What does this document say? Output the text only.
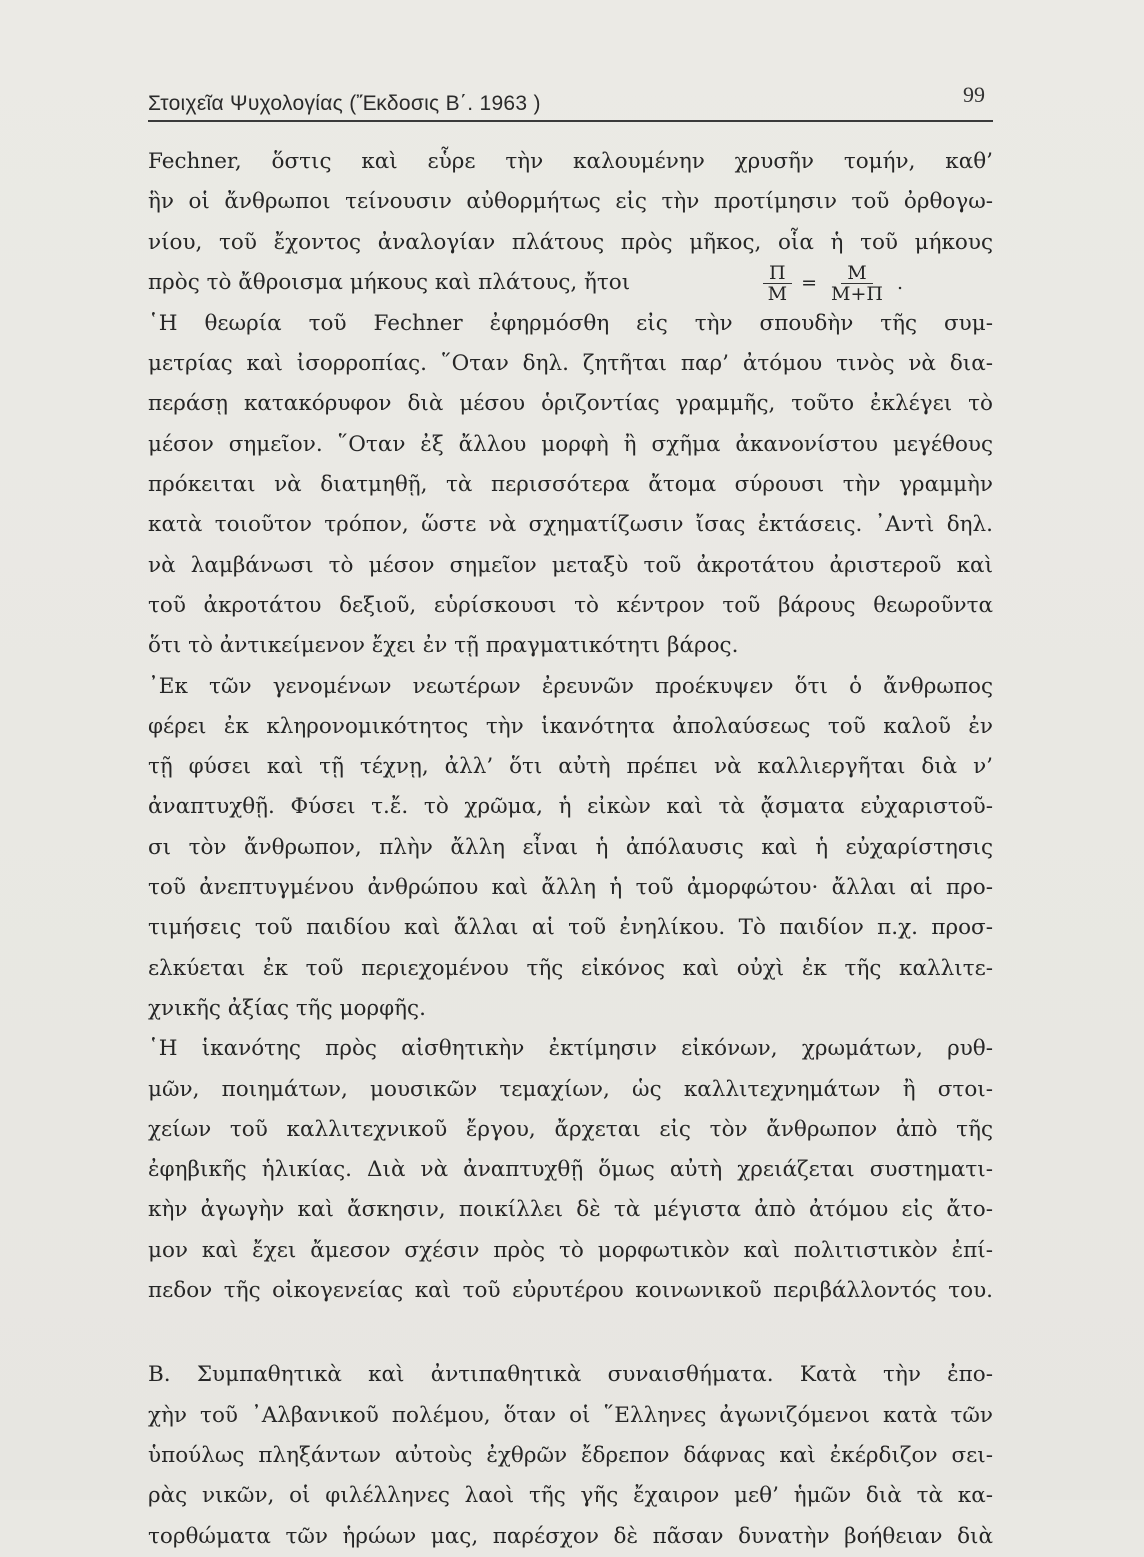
Στοιχεῖα Ψυχολογίας (Ἔκδοσις Β΄. 1963 )	99
Fechner, ὅστις καὶ εὗρε τὴν καλουμένην χρυσῆν τομήν, καθ’
ἣν οἱ ἄνθρωποι τείνουσιν αὐθορμήτως εἰς τὴν προτίμησιν τοῦ ὀρθογω-
νίου, τοῦ ἔχοντος ἀναλογίαν πλάτους πρὸς μῆκος, οἷα ἡ τοῦ μήκους
πρὸς τὸ ἄθροισμα μήκους καὶ πλάτους, ἤτοι	$\frac{\Pi}{M} = \frac{M}{M+\Pi}$ .
῾Η θεωρία τοῦ Fechner ἐφηρμόσθη εἰς τὴν σπουδὴν τῆς συμ-
μετρίας καὶ ἰσορροπίας. ῞Οταν δηλ. ζητῆται παρ’ ἀτόμου τινὸς νὰ δια-
περάσῃ κατακόρυφον διὰ μέσου ὁριζοντίας γραμμῆς, τοῦτο ἐκλέγει τὸ
μέσον σημεῖον. ῞Οταν ἐξ ἄλλου μορφὴ ἢ σχῆμα ἀκανονίστου μεγέθους
πρόκειται νὰ διατμηθῇ, τὰ περισσότερα ἄτομα σύρουσι τὴν γραμμὴν
κατὰ τοιοῦτον τρόπον, ὥστε νὰ σχηματίζωσιν ἴσας ἐκτάσεις. ᾿Αντὶ δηλ.
νὰ λαμβάνωσι τὸ μέσον σημεῖον μεταξὺ τοῦ ἀκροτάτου ἀριστεροῦ καὶ
τοῦ ἀκροτάτου δεξιοῦ, εὑρίσκουσι τὸ κέντρον τοῦ βάρους θεωροῦντα
ὅτι τὸ ἀντικείμενον ἔχει ἐν τῇ πραγματικότητι βάρος.
᾿Εκ τῶν γενομένων νεωτέρων ἐρευνῶν προέκυψεν ὅτι ὁ ἄνθρωπος
φέρει ἐκ κληρονομικότητος τὴν ἱκανότητα ἀπολαύσεως τοῦ καλοῦ ἐν
τῇ φύσει καὶ τῇ τέχνῃ, ἀλλ’ ὅτι αὐτὴ πρέπει νὰ καλλιεργῆται διὰ ν’
ἀναπτυχθῇ. Φύσει τ.ἔ. τὸ χρῶμα, ἡ εἰκὼν καὶ τὰ ᾄσματα εὐχαριστοῦ-
σι τὸν ἄνθρωπον, πλὴν ἄλλη εἶναι ἡ ἀπόλαυσις καὶ ἡ εὐχαρίστησις
τοῦ ἀνεπτυγμένου ἀνθρώπου καὶ ἄλλη ἡ τοῦ ἀμορφώτου· ἄλλαι αἱ προ-
τιμήσεις τοῦ παιδίου καὶ ἄλλαι αἱ τοῦ ἐνηλίκου. Τὸ παιδίον π.χ. προσ-
ελκύεται ἐκ τοῦ περιεχομένου τῆς εἰκόνος καὶ οὐχὶ ἐκ τῆς καλλιτε-
χνικῆς ἀξίας τῆς μορφῆς.
῾Η ἱκανότης πρὸς αἰσθητικὴν ἐκτίμησιν εἰκόνων, χρωμάτων, ρυθ-
μῶν, ποιημάτων, μουσικῶν τεμαχίων, ὡς καλλιτεχνημάτων ἢ στοι-
χείων τοῦ καλλιτεχνικοῦ ἔργου, ἄρχεται εἰς τὸν ἄνθρωπον ἀπὸ τῆς
ἐφηβικῆς ἡλικίας. Διὰ νὰ ἀναπτυχθῇ ὅμως αὐτὴ χρειάζεται συστηματι-
κὴν ἀγωγὴν καὶ ἄσκησιν, ποικίλλει δὲ τὰ μέγιστα ἀπὸ ἀτόμου εἰς ἄτο-
μον καὶ ἔχει ἄμεσον σχέσιν πρὸς τὸ μορφωτικὸν καὶ πολιτιστικὸν ἐπί-
πεδον τῆς οἰκογενείας καὶ τοῦ εὐρυτέρου κοινωνικοῦ περιβάλλοντός του.
Β. Συμπαθητικὰ καὶ ἀντιπαθητικὰ συναισθήματα. Κατὰ τὴν ἐπο-
χὴν τοῦ ᾿Αλβανικοῦ πολέμου, ὅταν οἱ ῞Ελληνες ἀγωνιζόμενοι κατὰ τῶν
ὑπούλως πληξάντων αὐτοὺς ἐχθρῶν ἔδρεπον δάφνας καὶ ἐκέρδιζον σει-
ρὰς νικῶν, οἱ φιλέλληνες λαοὶ τῆς γῆς ἔχαιρον μεθ’ ἡμῶν διὰ τὰ κα-
τορθώματα τῶν ἡρώων μας, παρέσχον δὲ πᾶσαν δυνατὴν βοήθειαν διὰ
